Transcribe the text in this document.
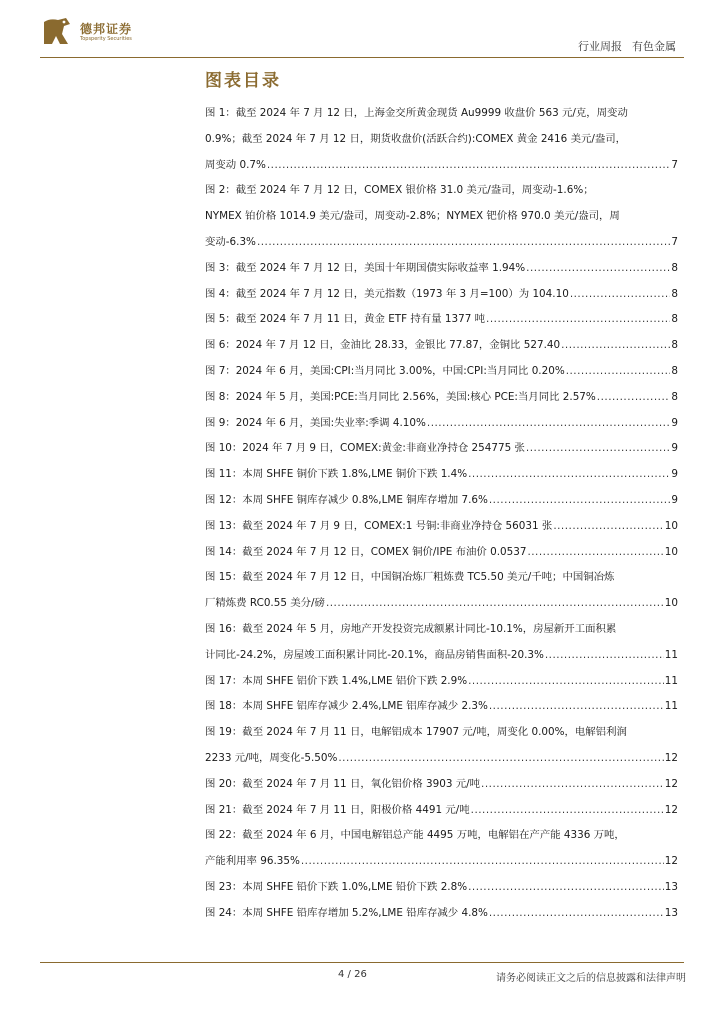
德邦证券
Topsperity Securities
行业周报 有色金属
图表目录
图 1：截至 2024 年 7 月 12 日，上海金交所黄金现货 Au9999 收盘价 563 元/克，周变动
0.9%；截至 2024 年 7 月 12 日，期货收盘价(活跃合约):COMEX 黄金 2416 美元/盎司，
周变动 0.7% .....	7
图 2：截至 2024 年 7 月 12 日，COMEX 银价格 31.0 美元/盎司，周变动-1.6%；
NYMEX 铂价格 1014.9 美元/盎司，周变动-2.8%；NYMEX 钯价格 970.0 美元/盎司，周
变动-6.3% .....	7
图 3：截至 2024 年 7 月 12 日，美国十年期国债实际收益率 1.94% .....	8
图 4：截至 2024 年 7 月 12 日，美元指数（1973 年 3 月=100）为 104.10 .....	8
图 5：截至 2024 年 7 月 11 日，黄金 ETF 持有量 1377 吨 .....	8
图 6：2024 年 7 月 12 日，金油比 28.33，金银比 77.87，金铜比 527.40 .....	8
图 7：2024 年 6 月，美国:CPI:当月同比 3.00%，中国:CPI:当月同比 0.20% .....	8
图 8：2024 年 5 月，美国:PCE:当月同比 2.56%，美国:核心 PCE:当月同比 2.57% .....	8
图 9：2024 年 6 月，美国:失业率:季调 4.10% .....	9
图 10：2024 年 7 月 9 日，COMEX:黄金:非商业净持仓 254775 张 .....	9
图 11：本周 SHFE 铜价下跌 1.8%,LME 铜价下跌 1.4% .....	9
图 12：本周 SHFE 铜库存减少 0.8%,LME 铜库存增加 7.6% .....	9
图 13：截至 2024 年 7 月 9 日，COMEX:1 号铜:非商业净持仓 56031 张 .....	10
图 14：截至 2024 年 7 月 12 日，COMEX 铜价/IPE 布油价 0.0537 .....	10
图 15：截至 2024 年 7 月 12 日，中国铜冶炼厂粗炼费 TC5.50 美元/千吨；中国铜冶炼
厂精炼费 RC0.55 美分/磅 .....	10
图 16：截至 2024 年 5 月，房地产开发投资完成额累计同比-10.1%，房屋新开工面积累
计同比-24.2%，房屋竣工面积累计同比-20.1%，商品房销售面积-20.3% .....	11
图 17：本周 SHFE 铝价下跌 1.4%,LME 铝价下跌 2.9% .....	11
图 18：本周 SHFE 铝库存减少 2.4%,LME 铝库存减少 2.3% .....	11
图 19：截至 2024 年 7 月 11 日，电解铝成本 17907 元/吨，周变化 0.00%，电解铝利润
2233 元/吨，周变化-5.50% .....	12
图 20：截至 2024 年 7 月 11 日，氧化铝价格 3903 元/吨 .....	12
图 21：截至 2024 年 7 月 11 日，阳极价格 4491 元/吨 .....	12
图 22：截至 2024 年 6 月，中国电解铝总产能 4495 万吨，电解铝在产产能 4336 万吨，
产能利用率 96.35% .....	12
图 23：本周 SHFE 铅价下跌 1.0%,LME 铅价下跌 2.8% .....	13
图 24：本周 SHFE 铅库存增加 5.2%,LME 铅库存减少 4.8% .....	13
4 / 26	请务必阅读正文之后的信息披露和法律声明
